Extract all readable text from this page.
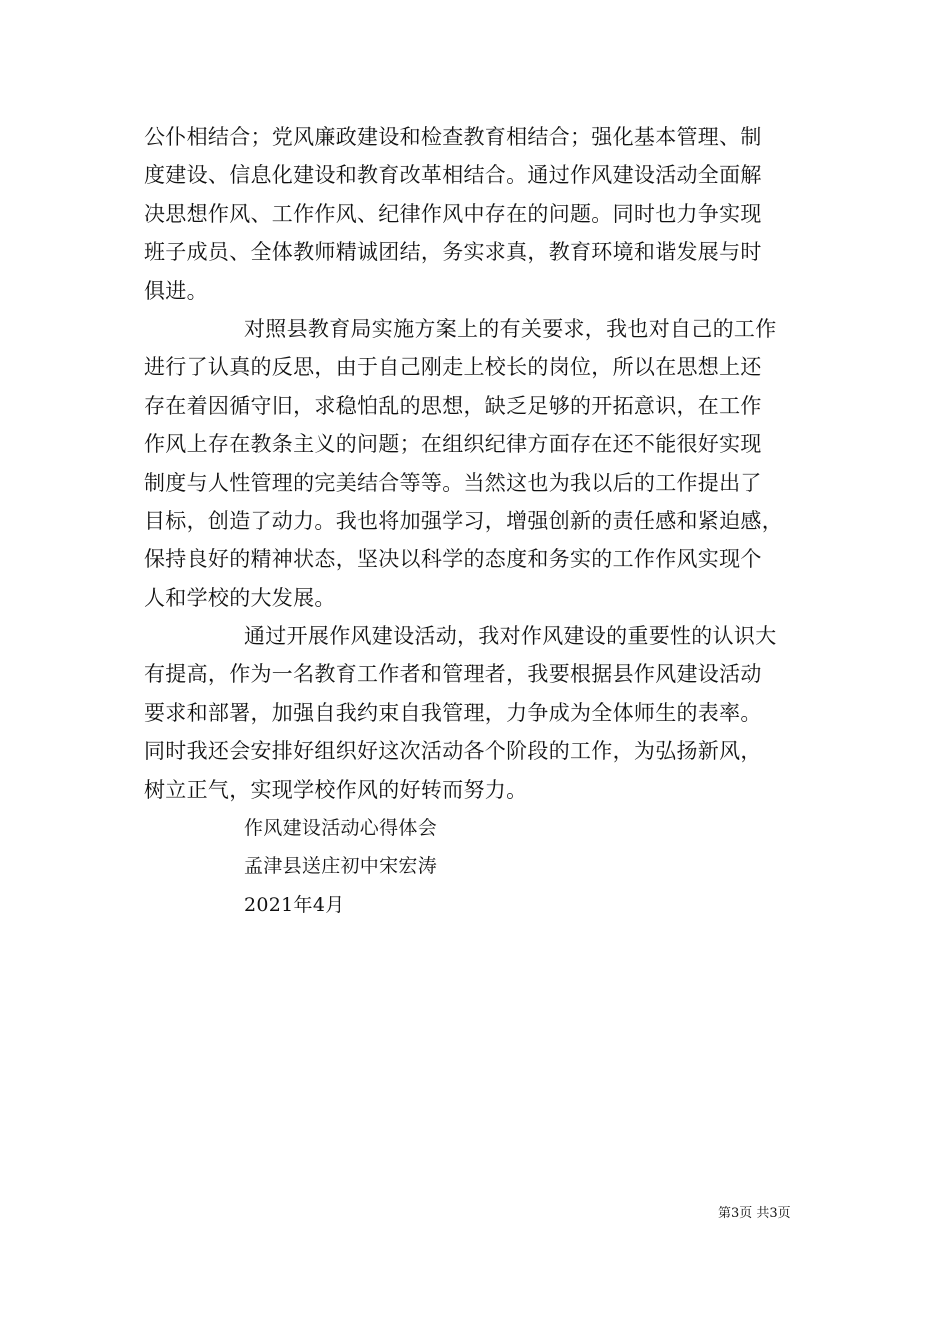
公仆相结合；党风廉政建设和检查教育相结合；强化基本管理、制
度建设、信息化建设和教育改革相结合。通过作风建设活动全面解
决思想作风、工作作风、纪律作风中存在的问题。同时也力争实现
班子成员、全体教师精诚团结，务实求真，教育环境和谐发展与时
俱进。
对照县教育局实施方案上的有关要求，我也对自己的工作
进行了认真的反思，由于自己刚走上校长的岗位，所以在思想上还
存在着因循守旧，求稳怕乱的思想，缺乏足够的开拓意识，在工作
作风上存在教条主义的问题；在组织纪律方面存在还不能很好实现
制度与人性管理的完美结合等等。当然这也为我以后的工作提出了
目标，创造了动力。我也将加强学习，增强创新的责任感和紧迫感，
保持良好的精神状态，坚决以科学的态度和务实的工作作风实现个
人和学校的大发展。
通过开展作风建设活动，我对作风建设的重要性的认识大
有提高，作为一名教育工作者和管理者，我要根据县作风建设活动
要求和部署，加强自我约束自我管理，力争成为全体师生的表率。
同时我还会安排好组织好这次活动各个阶段的工作，为弘扬新风，
树立正气，实现学校作风的好转而努力。
作风建设活动心得体会
孟津县送庄初中宋宏涛
2021年4月
第3页 共3页
